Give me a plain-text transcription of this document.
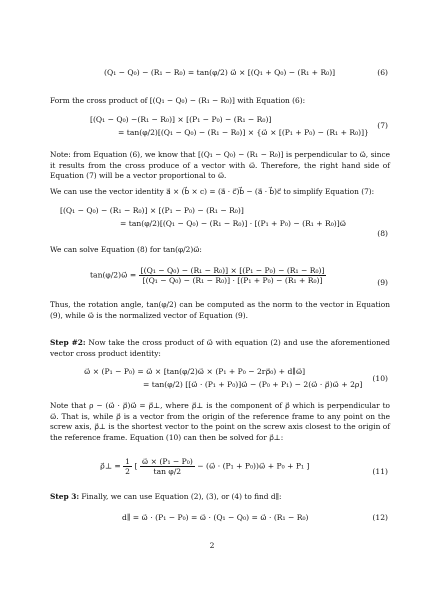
(Q₁ − Q₀) − (R₁ − R₀) = tan(φ/2) ω⃗ × [(Q₁ + Q₀) − (R₁ + R₀)]	(6)
Form the cross product of [(Q₁ − Q₀) − (R₁ − R₀)] with Equation (6):
[(Q₁ − Q₀) −(R₁ − R₀)] × [(P₁ − P₀) − (R₁ − R₀)]
= tan(φ/2)[(Q₁ − Q₀) − (R₁ − R₀)] × {ω⃗ × [(P₁ + P₀) − (R₁ + R₀)]}
(7)
Note: from Equation (6), we know that [(Q₁ − Q₀) − (R₁ − R₀)] is perpendicular to ω⃗, since it results from the cross produce of a vector with ω⃗. Therefore, the right hand side of Equation (7) will be a vector proportional to ω⃗.
We can use the vector identity a⃗ × (b⃗ × c) = (a⃗ · c⃗)b⃗ − (a⃗ · b⃗)c⃗ to simplify Equation (7):
[(Q₁ − Q₀) − (R₁ − R₀)] × [(P₁ − P₀) − (R₁ − R₀)]
= tan(φ/2)[(Q₁ − Q₀) − (R₁ − R₀)] · [(P₁ + P₀) − (R₁ + R₀)]ω⃗
(8)
We can solve Equation (8) for tan(φ/2)ω⃗:
tan(φ/2)ω⃗ = $\frac{\text{[(Q₁ − Q₀) − (R₁ − R₀)] × [(P₁ − P₀) − (R₁ − R₀)]}}{\text{[(Q₁ − Q₀) − (R₁ − R₀)] · [(P₁ + P₀) − (R₁ + R₀)]}}$	(9)
Thus, the rotation angle, tan(φ/2) can be computed as the norm to the vector in Equation (9), while ω⃗ is the normalized vector of Equation (9).
Step #2: Now take the cross product of ω⃗ with equation (2) and use the aforementioned vector cross product identity:
ω⃗ × (P₁ − P₀) = ω⃗ × [tan(φ/2)ω⃗ × (P₁ + P₀ − 2rρ⃗₀) + d∥ω⃗]
= tan(φ/2) [[ω⃗ · (P₁ + P₀)]ω⃗ − (P₀ + P₁) − 2(ω⃗ · ρ⃗)ω⃗ + 2ρ]
(10)
Note that ρ − (ω⃗ · ρ⃗)ω⃗ = ρ⃗⊥, where ρ⃗⊥ is the component of ρ⃗ which is perpendicular to ω⃗. That is, while ρ⃗ is a vector from the origin of the reference frame to any point on the screw axis, ρ⃗⊥ is the shortest vector to the point on the screw axis closest to the origin of the reference frame. Equation (10) can then be solved for ρ⃗⊥:
ρ⃗⊥ = $\frac{1}{2}$ [ $\frac{\text{ω⃗ × (P₁ − P₀)}}{\text{tan φ/2}}$ − (ω⃗ · (P₁ + P₀))ω⃗ + P₀ + P₁ ]
(11)
Step 3: Finally, we can use Equation (2), (3), or (4) to find d∥:
d∥ = ω⃗ · (P₁ − P₀) = ω⃗ · (Q₁ − Q₀) = ω⃗ · (R₁ − R₀)	(12)
2
